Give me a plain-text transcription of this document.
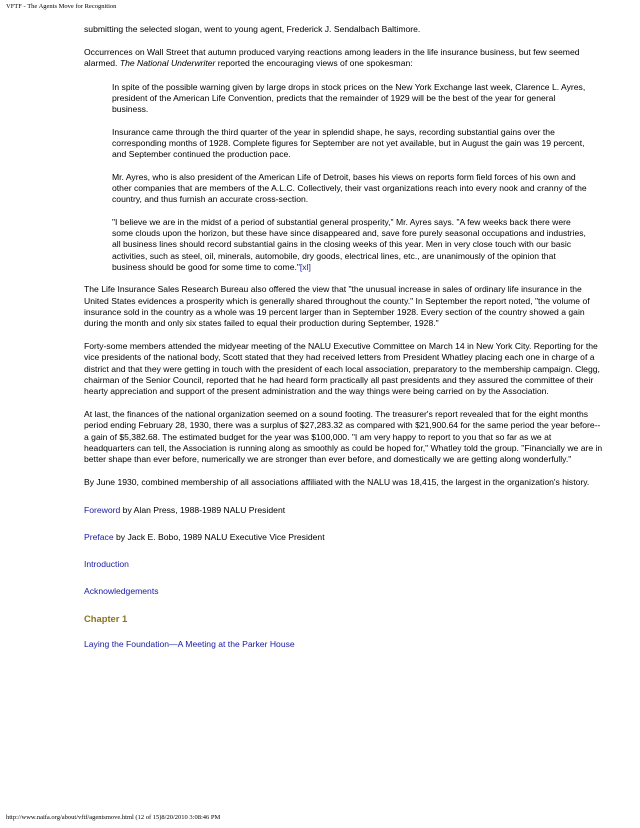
VFTF - The Agents Move for Recognition

submitting the selected slogan, went to young agent, Frederick J. Sendalbach Baltimore.

Occurrences on Wall Street that autumn produced varying reactions among leaders in the life insurance business, but few seemed alarmed. The National Underwriter reported the encouraging views of one spokesman:

In spite of the possible warning given by large drops in stock prices on the New York Exchange last week, Clarence L. Ayres, president of the American Life Convention, predicts that the remainder of 1929 will be the best of the year for general business.

Insurance came through the third quarter of the year in splendid shape, he says, recording substantial gains over the corresponding months of 1928. Complete figures for September are not yet available, but in August the gain was 19 percent, and September continued the production pace.

Mr. Ayres, who is also president of the American Life of Detroit, bases his views on reports form field forces of his own and other companies that are members of the A.L.C. Collectively, their vast organizations reach into every nook and cranny of the country, and thus furnish an accurate cross-section.

"I believe we are in the midst of a period of substantial general prosperity," Mr. Ayres says. "A few weeks back there were some clouds upon the horizon, but these have since disappeared and, save fore purely seasonal occupations and industries, all business lines should record substantial gains in the closing weeks of this year. Men in very close touch with our basic activities, such as steel, oil, minerals, automobile, dry goods, electrical lines, etc., are unanimously of the opinion that business should be good for some time to come."[xl]

The Life Insurance Sales Research Bureau also offered the view that "the unusual increase in sales of ordinary life insurance in the United States evidences a prosperity which is generally shared throughout the county." In September the report noted, "the volume of insurance sold in the country as a whole was 19 percent larger than in September 1928. Every section of the country showed a gain during the month and only six states failed to equal their production during September, 1928."

Forty-some members attended the midyear meeting of the NALU Executive Committee on March 14 in New York City. Reporting for the vice presidents of the national body, Scott stated that they had received letters from President Whatley placing each one in charge of a district and that they were getting in touch with the president of each local association, preparatory to the membership campaign. Clegg, chairman of the Senior Council, reported that he had heard form practically all past presidents and they assured the committee of their hearty appreciation and support of the present administration and the way things were being carried on by the Association.

At last, the finances of the national organization seemed on a sound footing. The treasurer's report revealed that for the eight months period ending February 28, 1930, there was a surplus of $27,283.32 as compared with $21,900.64 for the same period the year before--a gain of $5,382.68. The estimated budget for the year was $100,000. "I am very happy to report to you that so far as we at headquarters can tell, the Association is running along as smoothly as could be hoped for," Whatley told the group. "Financially we are in better shape than ever before, numerically we are stronger than ever before, and domestically we are getting along wonderfully."

By June 1930, combined membership of all associations affiliated with the NALU was 18,415, the largest in the organization's history.

Foreword by Alan Press, 1988-1989 NALU President

Preface by Jack E. Bobo, 1989 NALU Executive Vice President

Introduction

Acknowledgements

Chapter 1

Laying the Foundation—A Meeting at the Parker House

http://www.naifa.org/about/vftf/agentsmove.html (12 of 15)8/20/2010 3:08:46 PM
